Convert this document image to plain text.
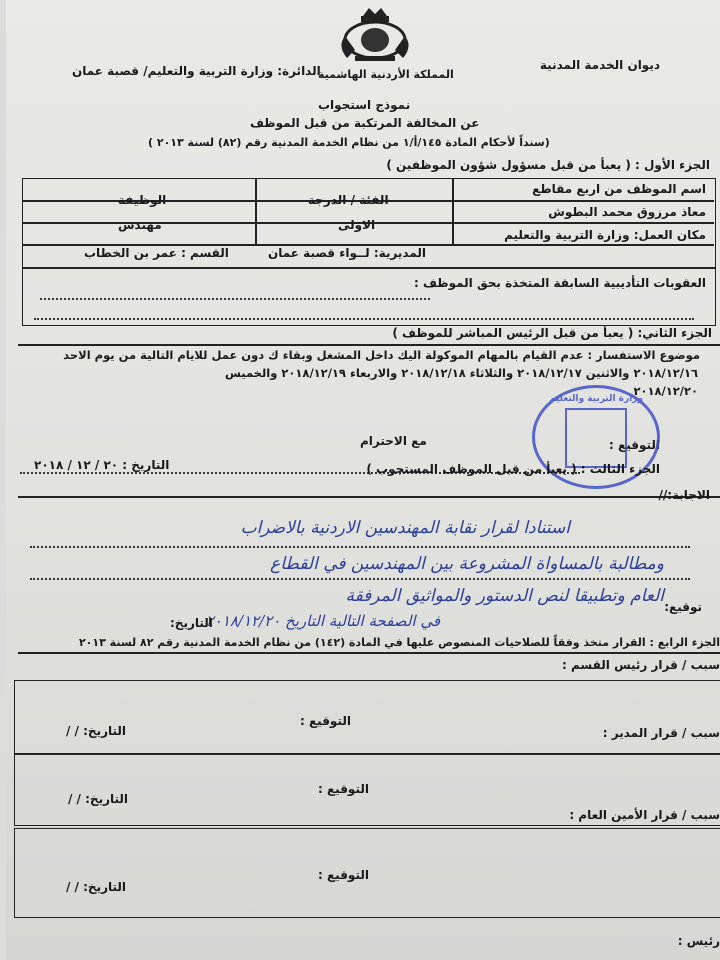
ديوان الخدمة المدنية
المملكة الأردنية الهاشمية
الدائرة: وزارة التربية والتعليم/ قصبة عمان
نموذج استجواب
عن المخالفة المرتكبة من قبل الموظف
(سنداً لأحكام المادة ١٤٥/أ/١ من نظام الخدمة المدنية رقم (٨٢) لسنة ٢٠١٣ )
الجزء الأول : ( يعبأ من قبل مسؤول شؤون الموظفين )
اسم الموظف من اربع مقاطع
الفئة / الدرجة
الوظيفة
معاذ مرزوق محمد البطوش
الاولى
مهندس
مكان العمل: وزارة التربية والتعليم
المديرية: لــواء قصبة عمان
القسم : عمر بن الخطاب
العقوبات التأديبية السابقة المتخذة بحق الموظف :
الجزء الثاني: ( يعبأ من قبل الرئيس المباشر للموظف )
موضوع الاستفسار : عدم القيام بالمهام الموكولة اليك داخل المشغل وبقاء ك دون عمل للايام التالية من يوم الاحد
٢٠١٨/١٢/١٦ والاثنين ٢٠١٨/١٢/١٧ والثلاثاء ٢٠١٨/١٢/١٨ والاربعاء ٢٠١٨/١٢/١٩ والخميس
٢٠١٨/١٢/٢٠
مع الاحترام	التوقيع :
التاريخ : ٢٠ / ١٢ / ٢٠١٨
وزارة التربية والتعليم
الجزء الثالث : ( يعبأ من قبل الموظف المستجوب )
الاجابة://
استنادا لقرار نقابة المهندسين الاردنية بالاضراب
ومطالبة بالمساواة المشروعة بين المهندسين في القطاع
العام وتطبيقا لنص الدستور والمواثيق المرفقة
في الصفحة التالية التاريخ ٢٠١٨/١٢/٢٠
توقيع:
التاريخ:
الجزء الرابع : القرار متخذ وفقاً للصلاحيات المنصوص عليها في المادة (١٤٢) من نظام الخدمة المدنية رقم ٨٢ لسنة ٢٠١٣
سبب / قرار رئيس القسم :
التوقيع :
التاريخ: / /	سبب / قرار المدير :
التوقيع :
التاريخ: / /
سبب / قرار الأمين العام :
التوقيع :
التاريخ: / /
رئيس :
